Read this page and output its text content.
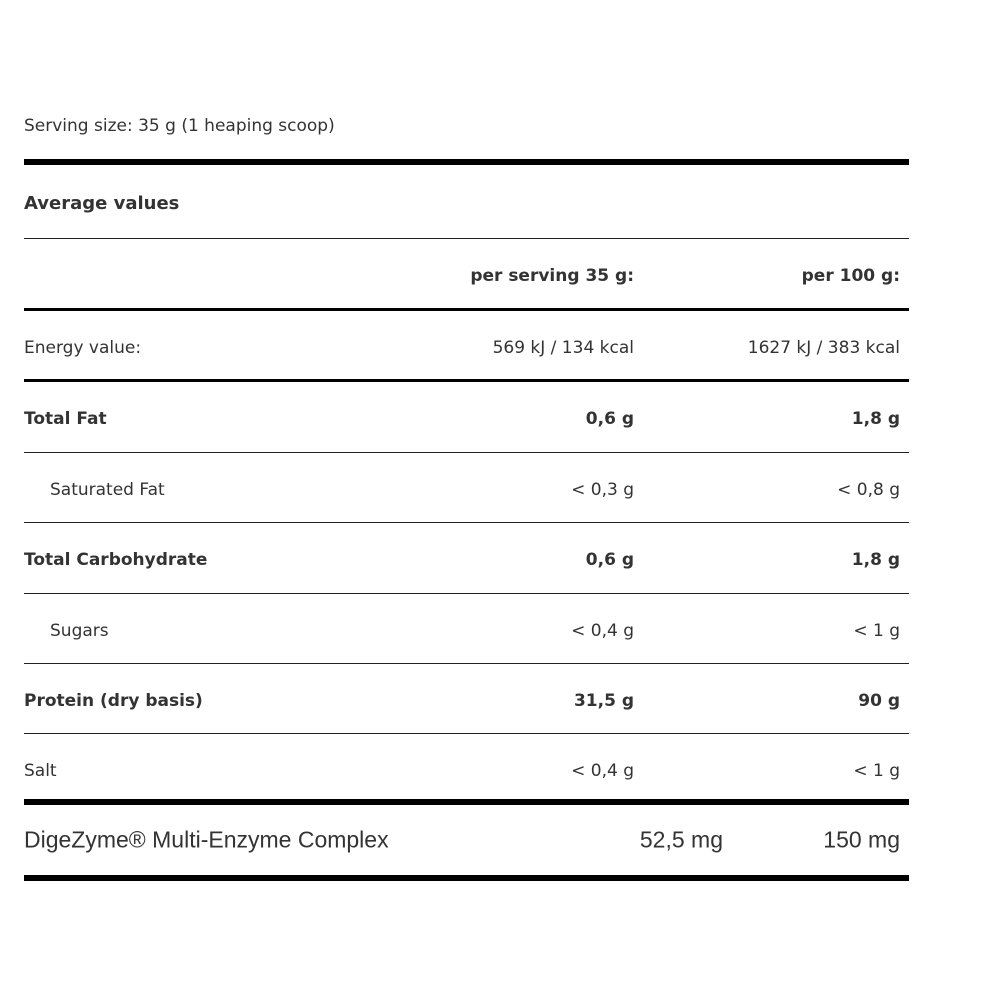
Serving size: 35 g (1 heaping scoop)
Average values
per serving 35 g:	per 100 g:
Energy value:	569 kJ / 134 kcal	1627 kJ / 383 kcal
Total Fat	0,6 g	1,8 g
Saturated Fat	< 0,3 g	< 0,8 g
Total Carbohydrate	0,6 g	1,8 g
Sugars	< 0,4 g	< 1 g
Protein (dry basis)	31,5 g	90 g
Salt	< 0,4 g	< 1 g
DigeZyme® Multi-Enzyme Complex	52,5 mg	150 mg
